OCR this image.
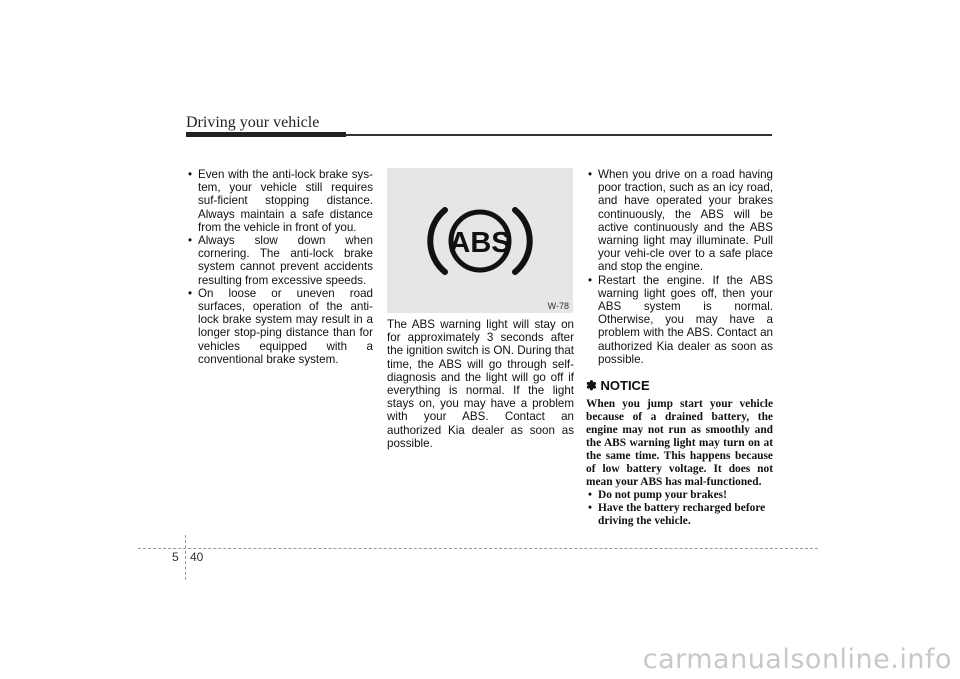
Driving your vehicle
• Even with the anti-lock brake sys-tem, your vehicle still requires suf-ficient stopping distance. Always maintain a safe distance from the vehicle in front of you.
• Always slow down when cornering. The anti-lock brake system cannot prevent accidents resulting from excessive speeds.
• On loose or uneven road surfaces, operation of the anti-lock brake system may result in a longer stop-ping distance than for vehicles equipped with a conventional brake system.
ABS
W-78

The ABS warning light will stay on for approximately 3 seconds after the ignition switch is ON. During that time, the ABS will go through self-diagnosis and the light will go off if everything is normal. If the light stays on, you may have a problem with your ABS. Contact an authorized Kia dealer as soon as possible.

• When you drive on a road having poor traction, such as an icy road, and have operated your brakes continuously, the ABS will be active continuously and the ABS warning light may illuminate. Pull your vehi-cle over to a safe place and stop the engine.
• Restart the engine. If the ABS warning light goes off, then your ABS system is normal. Otherwise, you may have a problem with the ABS. Contact an authorized Kia dealer as soon as possible.
✽ NOTICE

When you jump start your vehicle because of a drained battery, the engine may not run as smoothly and the ABS warning light may turn on at the same time. This happens because of low battery voltage. It does not mean your ABS has mal-functioned.

• Do not pump your brakes!
• Have the battery recharged before driving the vehicle.
5 40
carmanualsonline.info
